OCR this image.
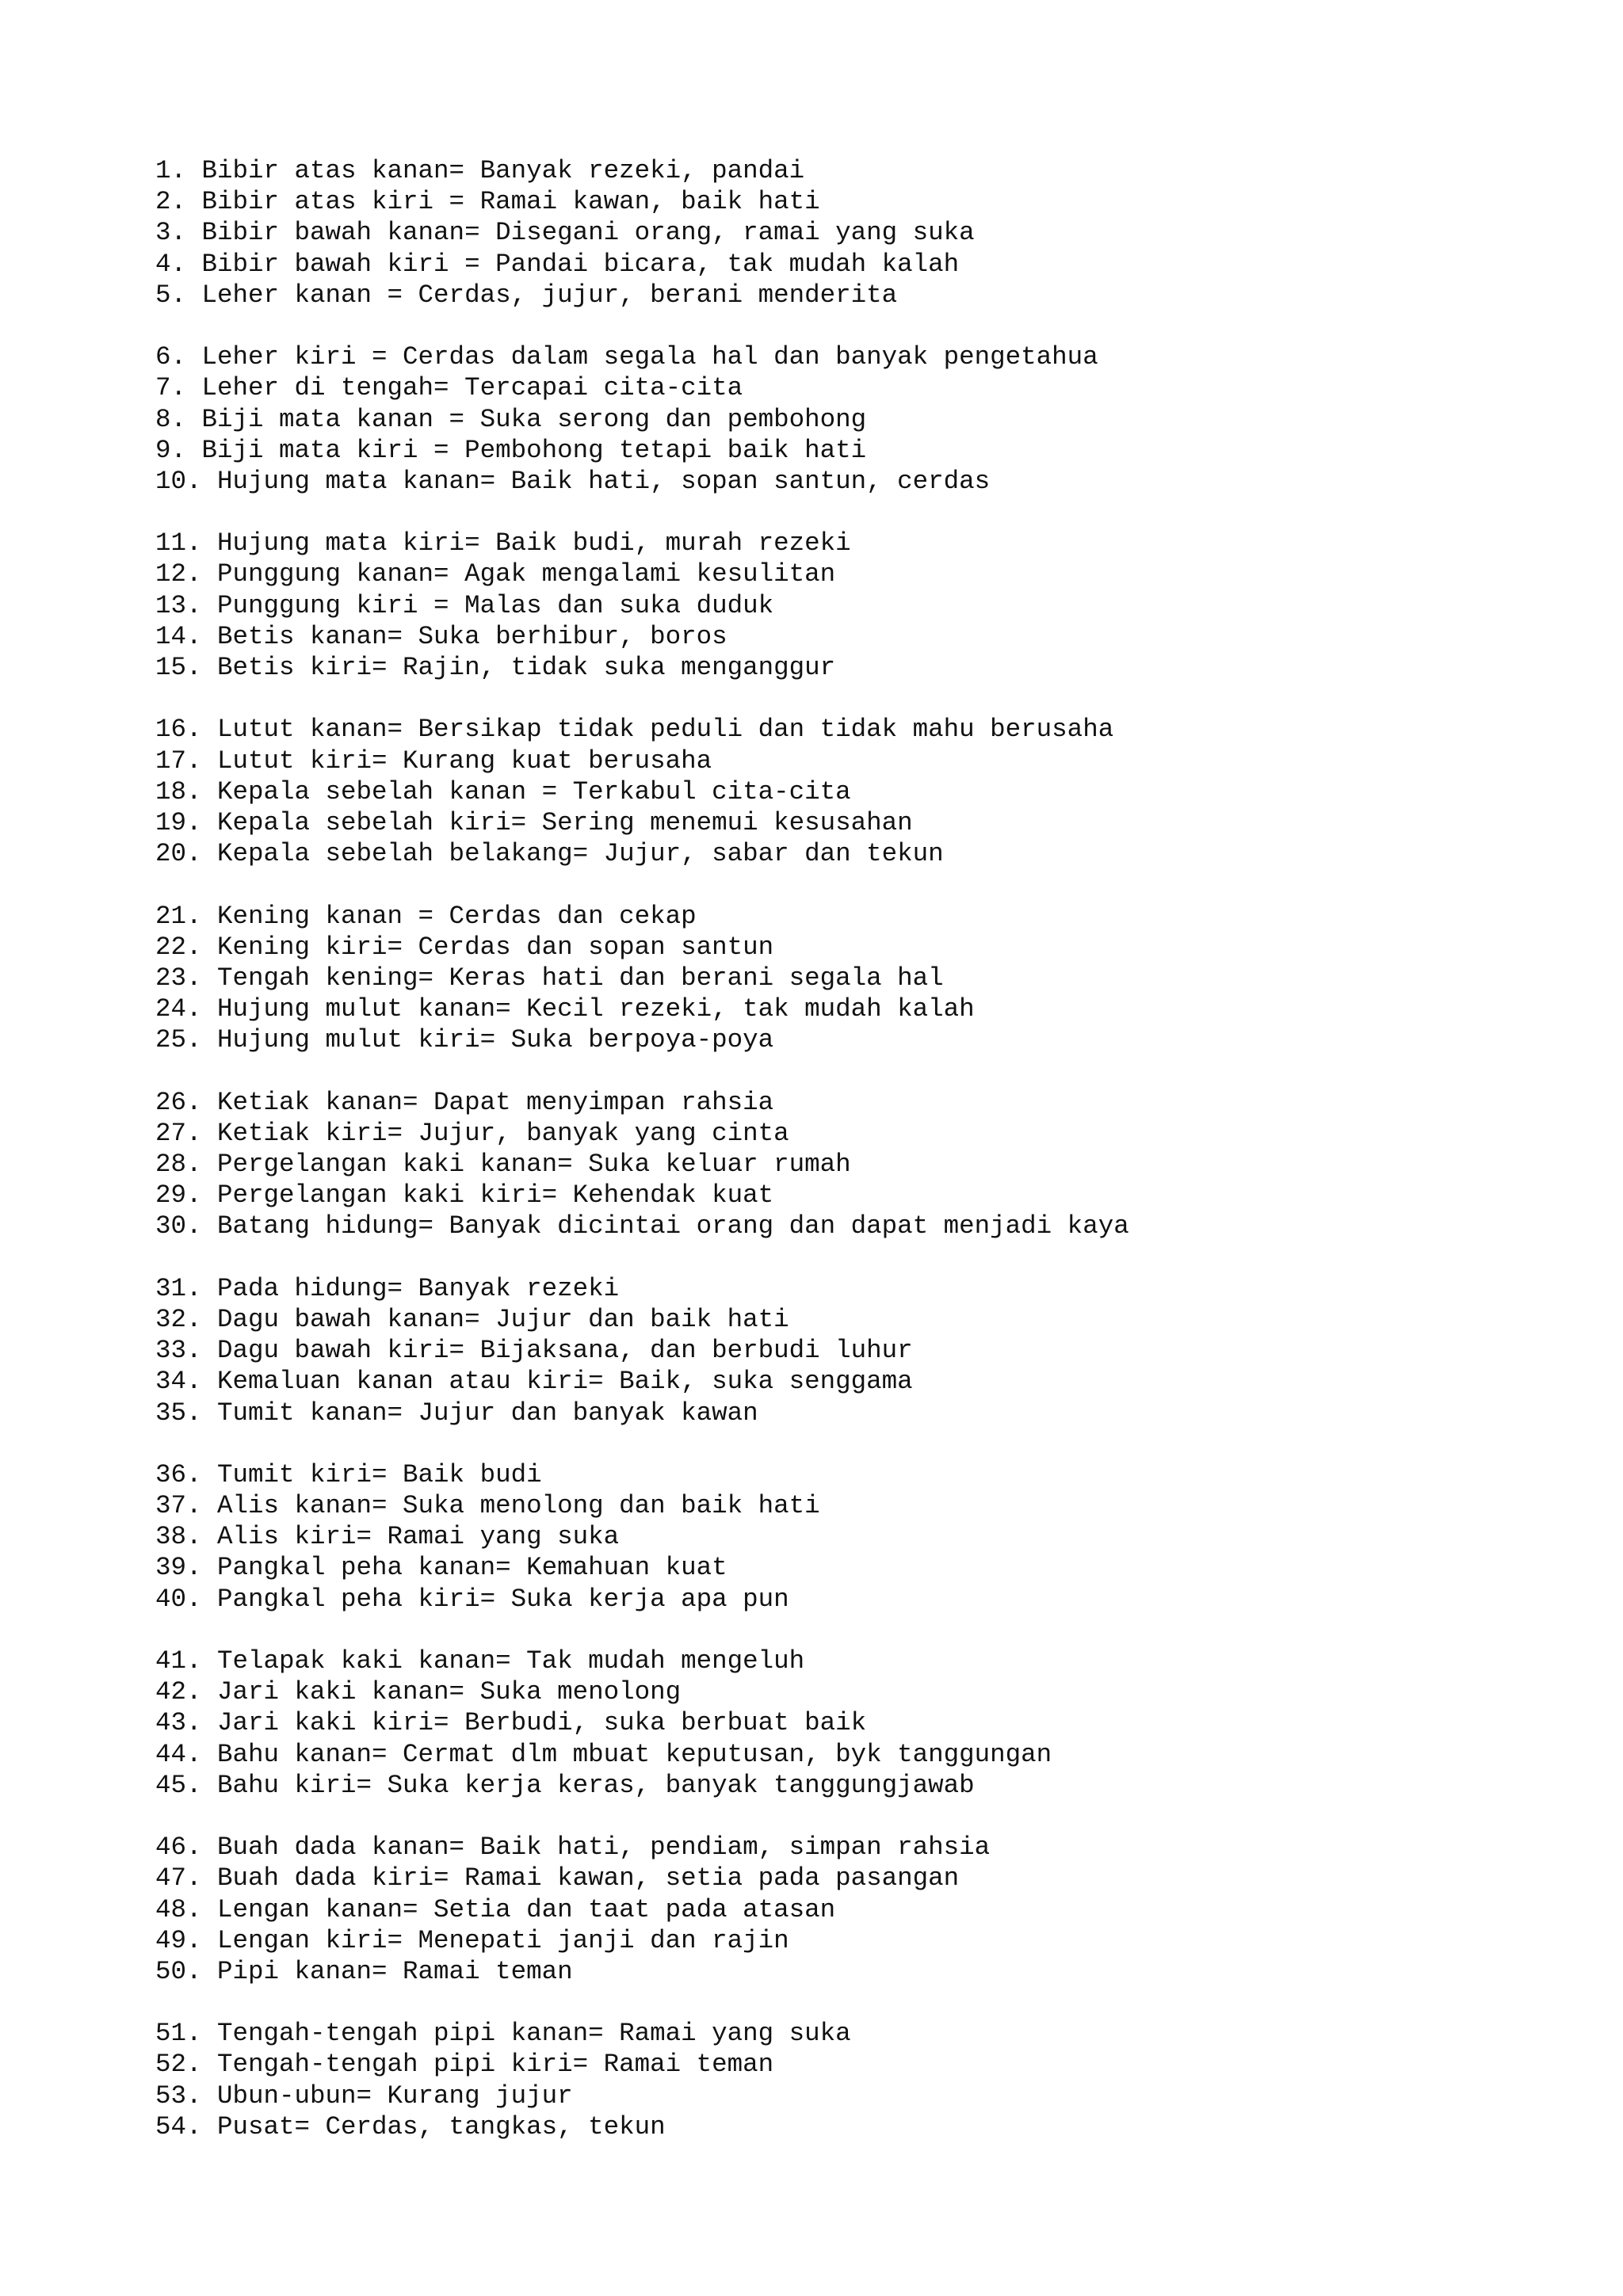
1. Bibir atas kanan= Banyak rezeki, pandai
2. Bibir atas kiri = Ramai kawan, baik hati
3. Bibir bawah kanan= Disegani orang, ramai yang suka
4. Bibir bawah kiri = Pandai bicara, tak mudah kalah
5. Leher kanan = Cerdas, jujur, berani menderita
6. Leher kiri = Cerdas dalam segala hal dan banyak pengetahua
7. Leher di tengah= Tercapai cita-cita
8. Biji mata kanan = Suka serong dan pembohong
9. Biji mata kiri = Pembohong tetapi baik hati
10. Hujung mata kanan= Baik hati, sopan santun, cerdas
11. Hujung mata kiri= Baik budi, murah rezeki
12. Punggung kanan= Agak mengalami kesulitan
13. Punggung kiri = Malas dan suka duduk
14. Betis kanan= Suka berhibur, boros
15. Betis kiri= Rajin, tidak suka menganggur
16. Lutut kanan= Bersikap tidak peduli dan tidak mahu berusaha
17. Lutut kiri= Kurang kuat berusaha
18. Kepala sebelah kanan = Terkabul cita-cita
19. Kepala sebelah kiri= Sering menemui kesusahan
20. Kepala sebelah belakang= Jujur, sabar dan tekun
21. Kening kanan = Cerdas dan cekap
22. Kening kiri= Cerdas dan sopan santun
23. Tengah kening= Keras hati dan berani segala hal
24. Hujung mulut kanan= Kecil rezeki, tak mudah kalah
25. Hujung mulut kiri= Suka berpoya-poya
26. Ketiak kanan= Dapat menyimpan rahsia
27. Ketiak kiri= Jujur, banyak yang cinta
28. Pergelangan kaki kanan= Suka keluar rumah
29. Pergelangan kaki kiri= Kehendak kuat
30. Batang hidung= Banyak dicintai orang dan dapat menjadi kaya
31. Pada hidung= Banyak rezeki
32. Dagu bawah kanan= Jujur dan baik hati
33. Dagu bawah kiri= Bijaksana, dan berbudi luhur
34. Kemaluan kanan atau kiri= Baik, suka senggama
35. Tumit kanan= Jujur dan banyak kawan
36. Tumit kiri= Baik budi
37. Alis kanan= Suka menolong dan baik hati
38. Alis kiri= Ramai yang suka
39. Pangkal peha kanan= Kemahuan kuat
40. Pangkal peha kiri= Suka kerja apa pun
41. Telapak kaki kanan= Tak mudah mengeluh
42. Jari kaki kanan= Suka menolong
43. Jari kaki kiri= Berbudi, suka berbuat baik
44. Bahu kanan= Cermat dlm mbuat keputusan, byk tanggungan
45. Bahu kiri= Suka kerja keras, banyak tanggungjawab
46. Buah dada kanan= Baik hati, pendiam, simpan rahsia
47. Buah dada kiri= Ramai kawan, setia pada pasangan
48. Lengan kanan= Setia dan taat pada atasan
49. Lengan kiri= Menepati janji dan rajin
50. Pipi kanan= Ramai teman
51. Tengah-tengah pipi kanan= Ramai yang suka
52. Tengah-tengah pipi kiri= Ramai teman
53. Ubun-ubun= Kurang jujur
54. Pusat= Cerdas, tangkas, tekun
